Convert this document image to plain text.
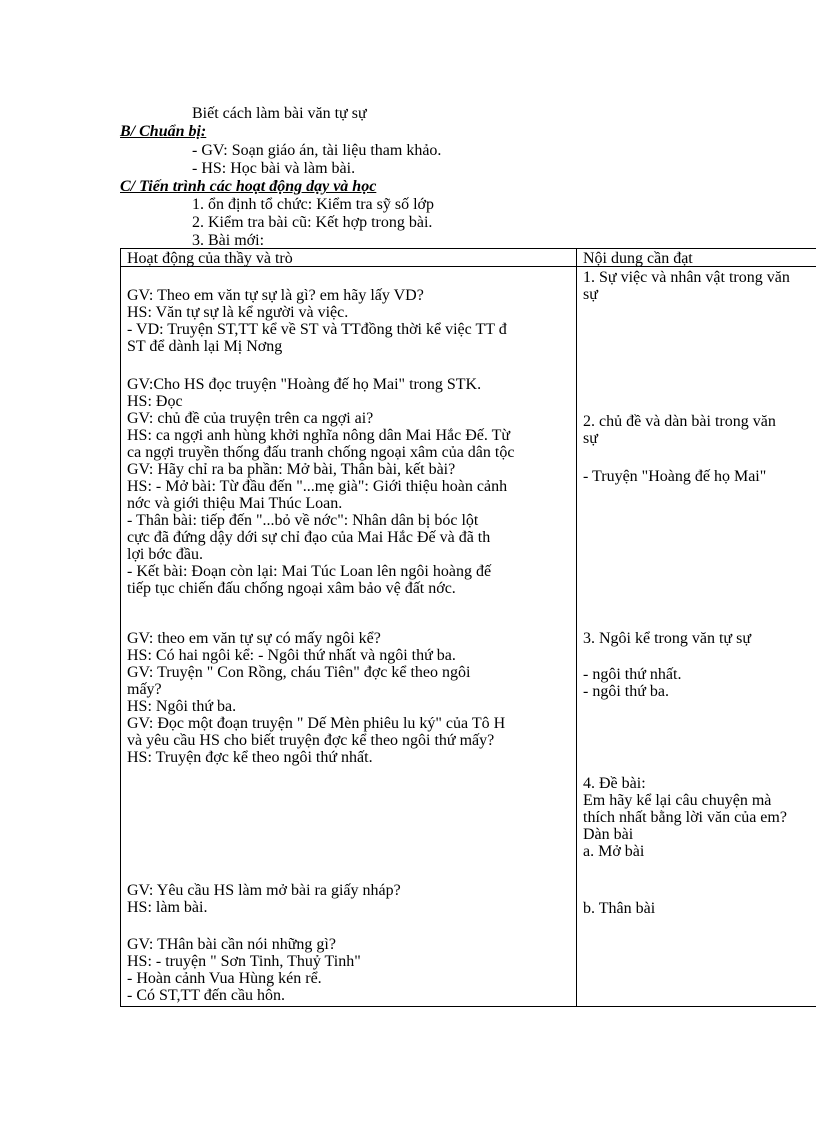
Biết cách làm bài văn tự sự
B/ Chuẩn bị:
- GV: Soạn giáo án, tài liệu tham khảo.
- HS: Học bài và làm bài.
C/ Tiến trình các hoạt động dạy và học
1. ổn định tổ chức: Kiểm tra sỹ số lớp
2. Kiểm tra bài cũ: Kết hợp trong bài.
3. Bài mới:
Hoạt động của thầy và trò	Nội dung cần đạt
GV: Theo em văn tự sự là gì? em hãy lấy VD?
HS: Văn tự sự là kể người và việc.
- VD: Truyện ST,TT kể về ST và TTđồng thời kể việc TT đ
ST để dành lại Mị Nơng
GV:Cho HS đọc truyện "Hoàng đế họ Mai" trong STK.
HS: Đọc
GV: chủ đề của truyện trên ca ngợi ai?
HS: ca ngợi anh hùng khởi nghĩa nông dân Mai Hắc Đế. Từ
ca ngợi truyền thống đấu tranh chống ngoại xâm của dân tộc
GV: Hãy chỉ ra ba phần: Mở bài, Thân bài, kết bài?
HS: - Mở bài: Từ đầu đến "...mẹ già": Giới thiệu hoàn cảnh
nớc và giới thiệu Mai Thúc Loan.
- Thân bài: tiếp đến "...bỏ về nớc": Nhân dân bị bóc lột
cực đã đứng dậy dới sự chỉ đạo của Mai Hắc Đế và đã th
lợi bớc đầu.
- Kết bài: Đoạn còn lại: Mai Túc Loan lên ngôi hoàng đế
tiếp tục chiến đấu chống ngoại xâm bảo vệ đất nớc.
GV: theo em văn tự sự có mấy ngôi kể?
HS: Có hai ngôi kể: - Ngôi thứ nhất và ngôi thứ ba.
GV: Truyện " Con Rồng, cháu Tiên" đợc kể theo ngôi
mấy?
HS: Ngôi thứ ba.
GV: Đọc một đoạn truyện " Dế Mèn phiêu lu ký" của Tô H
và yêu cầu HS cho biết truyện đợc kể theo ngôi thứ mấy?
HS: Truyện đợc kể theo ngôi thứ nhất.
GV: Yêu cầu HS làm mở bài ra giấy nháp?
HS: làm bài.
GV: THân bài cần nói những gì?
HS: - truyện " Sơn Tinh, Thuỷ Tinh"
- Hoàn cảnh Vua Hùng kén rể.
- Có ST,TT đến cầu hôn.
1. Sự việc và nhân vật trong văn
sự
2. chủ đề và dàn bài trong văn
sự
- Truyện "Hoàng đế họ Mai"
3. Ngôi kể trong văn tự sự
- ngôi thứ nhất.
- ngôi thứ ba.
4. Đề bài:
Em hãy kể lại câu chuyện mà
thích nhất bằng lời văn của em?
Dàn bài
a. Mở bài
b. Thân bài
